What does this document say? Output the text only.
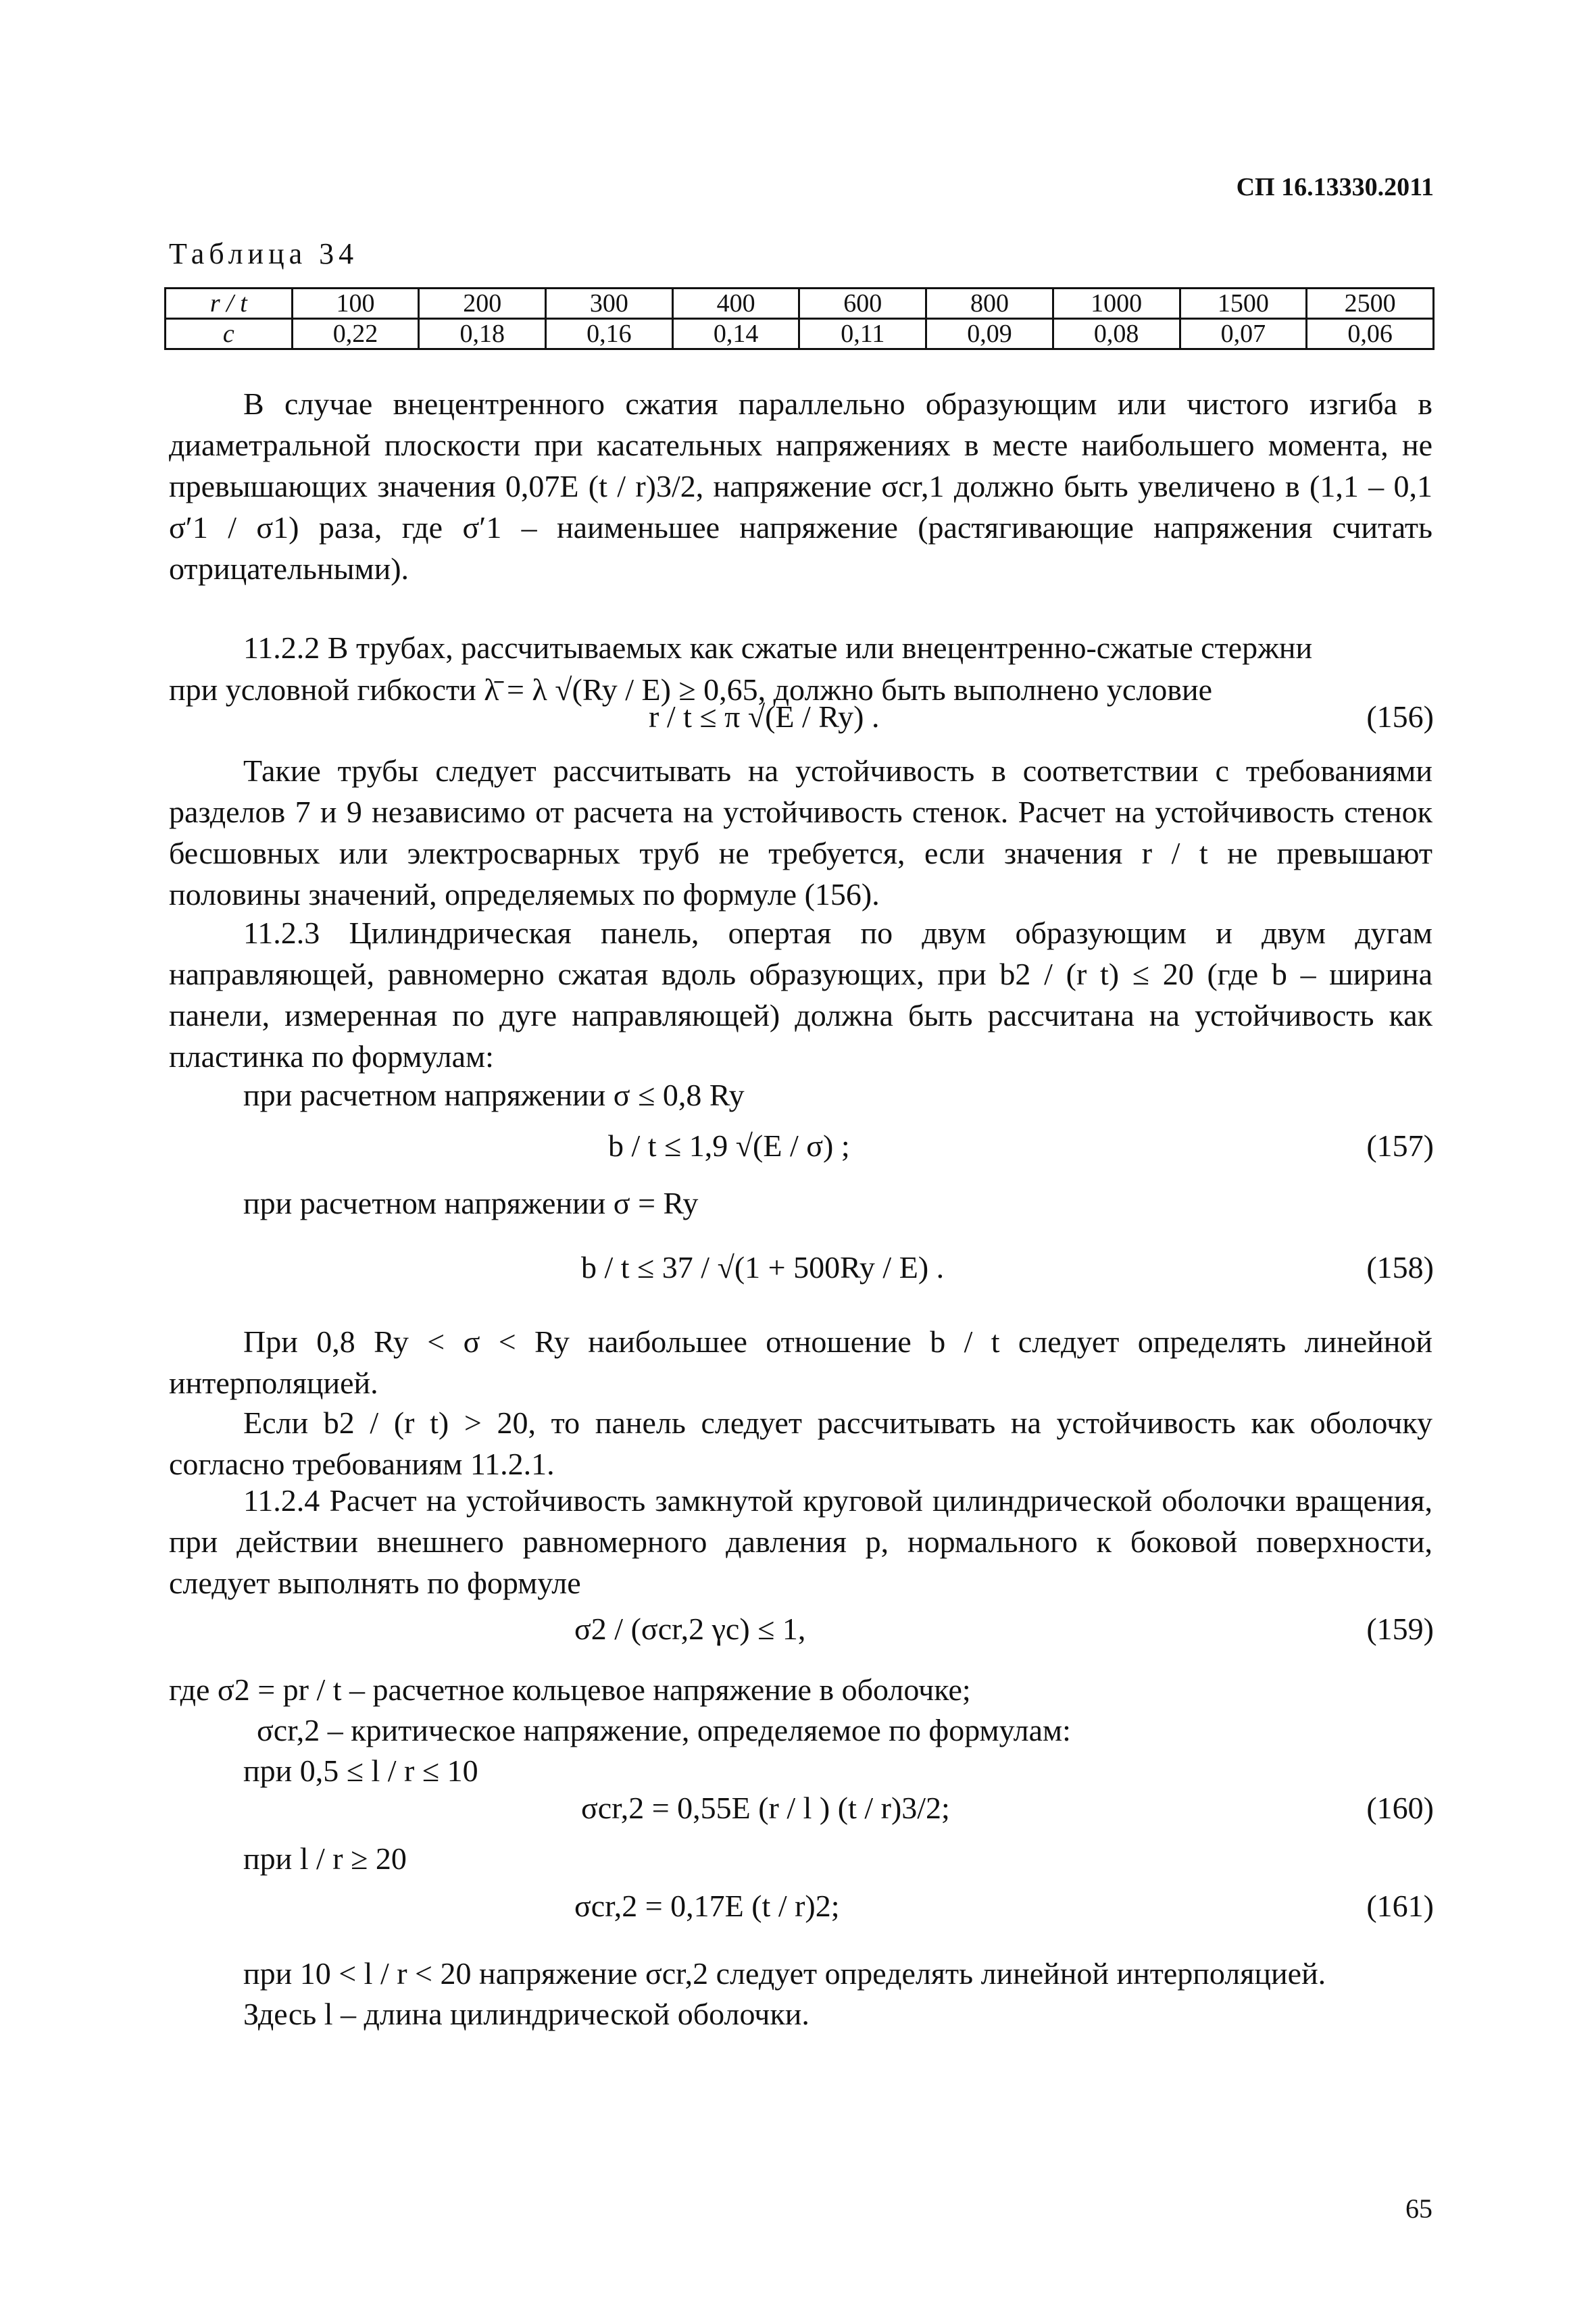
СП 16.13330.2011
Таблица 34
r / t	100	200	300	400	600	800	1000	1500	2500
c	0,22	0,18	0,16	0,14	0,11	0,09	0,08	0,07	0,06
В случае внецентренного сжатия параллельно образующим или чистого изгиба в диаметральной плоскости при касательных напряжениях в месте наибольшего момента, не превышающих значения 0,07E (t / r)3/2, напряжение σcr,1 должно быть увеличено в (1,1 – 0,1 σ′1 / σ1) раза, где σ′1 – наименьшее напряжение (растягивающие напряжения считать отрицательными).
11.2.2 В трубах, рассчитываемых как сжатые или внецентренно-сжатые стержни
при условной гибкости λ̄ = λ √(Ry / E) ≥ 0,65, должно быть выполнено условие
r / t ≤ π √(E / Ry) .	(156)
Такие трубы следует рассчитывать на устойчивость в соответствии с требованиями разделов 7 и 9 независимо от расчета на устойчивость стенок. Расчет на устойчивость стенок бесшовных или электросварных труб не требуется, если значения r / t не превышают половины значений, определяемых по формуле (156).
11.2.3 Цилиндрическая панель, опертая по двум образующим и двум дугам направляющей, равномерно сжатая вдоль образующих, при b2 / (r t) ≤ 20 (где b – ширина панели, измеренная по дуге направляющей) должна быть рассчитана на устойчивость как пластинка по формулам:
при расчетном напряжении σ ≤ 0,8 Ry
b / t ≤ 1,9 √(E / σ) ;	(157)
при расчетном напряжении σ = Ry
b / t ≤ 37 / √(1 + 500Ry / E) .	(158)
При 0,8 Ry < σ < Ry наибольшее отношение b / t следует определять линейной интерполяцией.
Если b2 / (r t) > 20, то панель следует рассчитывать на устойчивость как оболочку согласно требованиям 11.2.1.
11.2.4 Расчет на устойчивость замкнутой круговой цилиндрической оболочки вращения, при действии внешнего равномерного давления p, нормального к боковой поверхности, следует выполнять по формуле
σ2 / (σcr,2 γc) ≤ 1,	(159)
где σ2 = pr / t – расчетное кольцевое напряжение в оболочке;
σcr,2 – критическое напряжение, определяемое по формулам:
при 0,5 ≤ l / r ≤ 10
σcr,2 = 0,55E (r / l ) (t / r)3/2;	(160)
при l / r ≥ 20
σcr,2 = 0,17E (t / r)2;	(161)
при 10 < l / r < 20 напряжение σcr,2 следует определять линейной интерполяцией.
Здесь l – длина цилиндрической оболочки.
65
